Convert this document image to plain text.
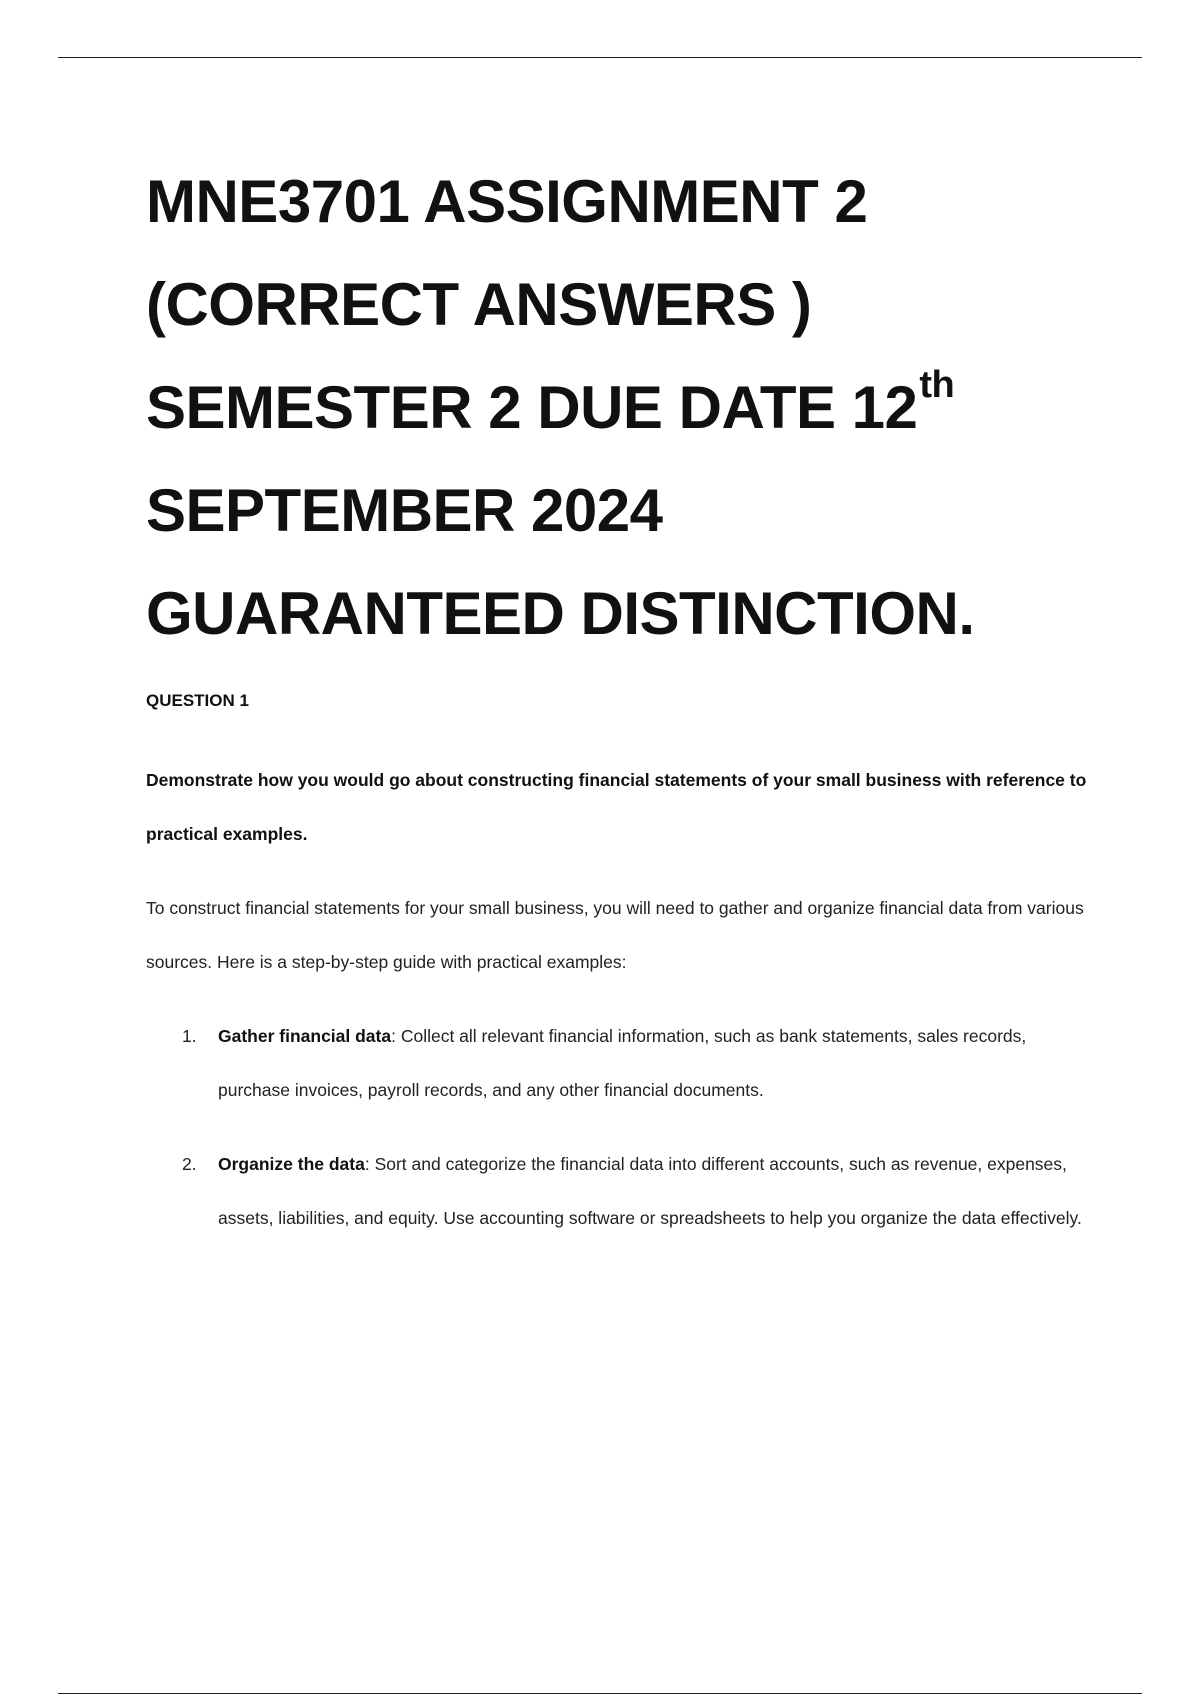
MNE3701 ASSIGNMENT 2
(CORRECT ANSWERS )
SEMESTER 2 DUE DATE 12th
SEPTEMBER 2024
GUARANTEED DISTINCTION.
QUESTION 1
Demonstrate how you would go about constructing financial statements of your small business with reference to practical examples.
To construct financial statements for your small business, you will need to gather and organize financial data from various sources. Here is a step-by-step guide with practical examples:
1. Gather financial data: Collect all relevant financial information, such as bank statements, sales records, purchase invoices, payroll records, and any other financial documents.
2. Organize the data: Sort and categorize the financial data into different accounts, such as revenue, expenses, assets, liabilities, and equity. Use accounting software or spreadsheets to help you organize the data effectively.
